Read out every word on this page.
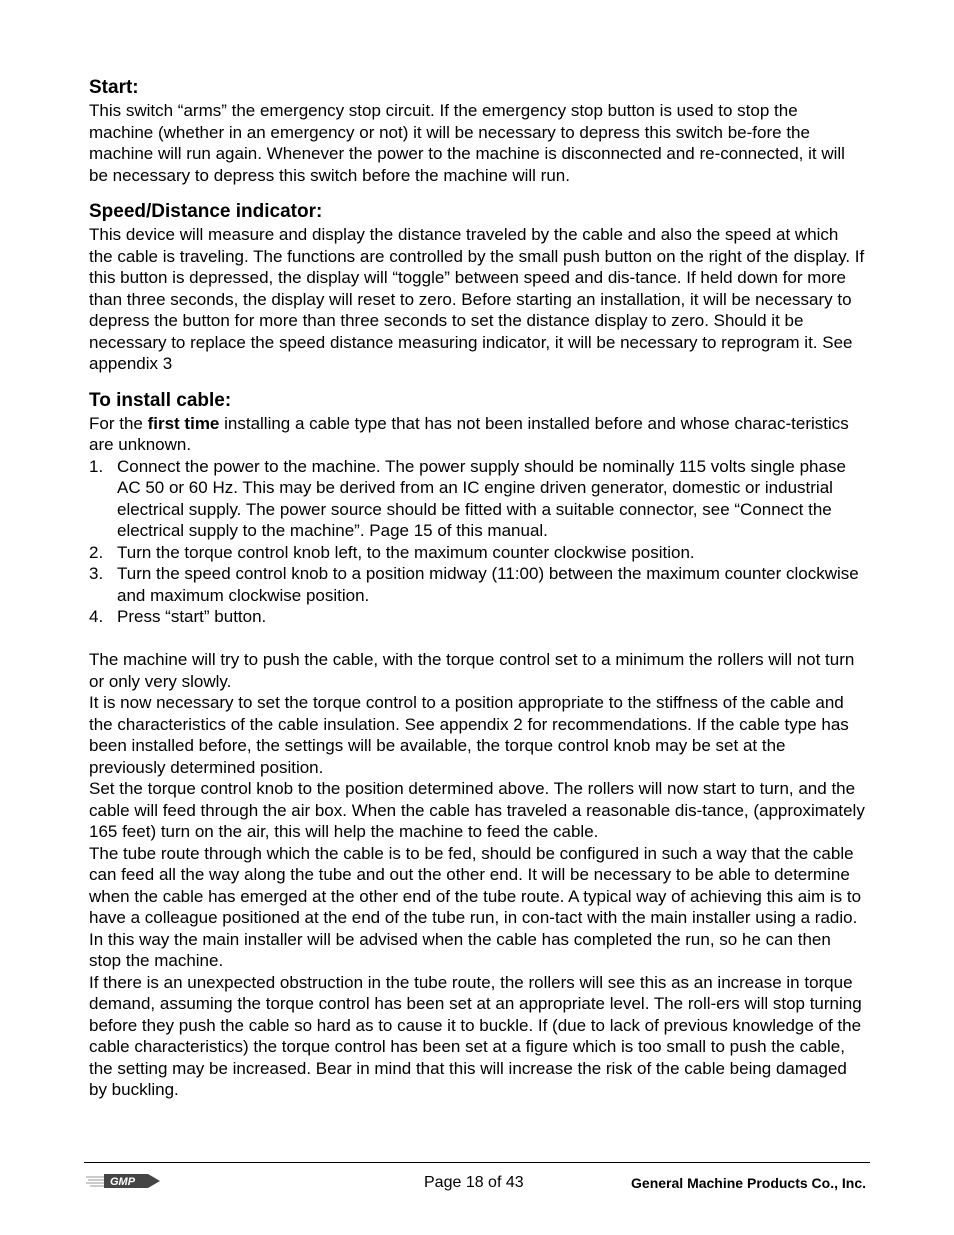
Start:

This switch “arms” the emergency stop circuit. If the emergency stop button is used to stop the machine (whether in an emergency or not) it will be necessary to depress this switch be-fore the machine will run again. Whenever the power to the machine is disconnected and re-connected, it will be necessary to depress this switch before the machine will run.

Speed/Distance indicator:

This device will measure and display the distance traveled by the cable and also the speed at which the cable is traveling. The functions are controlled by the small push button on the right of the display. If this button is depressed, the display will “toggle” between speed and dis-tance. If held down for more than three seconds, the display will reset to zero. Before starting an installation, it will be necessary to depress the button for more than three seconds to set the distance display to zero. Should it be necessary to replace the speed distance measuring indicator, it will be necessary to reprogram it. See appendix 3

To install cable:

For the first time installing a cable type that has not been installed before and whose charac-teristics are unknown.

1. Connect the power to the machine. The power supply should be nominally 115 volts single phase AC 50 or 60 Hz. This may be derived from an IC engine driven generator, domestic or industrial electrical supply. The power source should be fitted with a suitable connector, see “Connect the electrical supply to the machine”. Page 15 of this manual.
2. Turn the torque control knob left, to the maximum counter clockwise position.
3. Turn the speed control knob to a position midway (11:00) between the maximum counter clockwise and maximum clockwise position.
4. Press “start” button.

The machine will try to push the cable, with the torque control set to a minimum the rollers will not turn or only very slowly.

It is now necessary to set the torque control to a position appropriate to the stiffness of the cable and the characteristics of the cable insulation. See appendix 2 for recommendations. If the cable type has been installed before, the settings will be available, the torque control knob may be set at the previously determined position.

Set the torque control knob to the position determined above. The rollers will now start to turn, and the cable will feed through the air box. When the cable has traveled a reasonable dis-tance, (approximately 165 feet) turn on the air, this will help the machine to feed the cable.

The tube route through which the cable is to be fed, should be configured in such a way that the cable can feed all the way along the tube and out the other end. It will be necessary to be able to determine when the cable has emerged at the other end of the tube route. A typical way of achieving this aim is to have a colleague positioned at the end of the tube run, in con-tact with the main installer using a radio. In this way the main installer will be advised when the cable has completed the run, so he can then stop the machine.

If there is an unexpected obstruction in the tube route, the rollers will see this as an increase in torque demand, assuming the torque control has been set at an appropriate level. The roll-ers will stop turning before they push the cable so hard as to cause it to buckle. If (due to lack of previous knowledge of the cable characteristics) the torque control has been set at a figure which is too small to push the cable, the setting may be increased. Bear in mind that this will increase the risk of the cable being damaged by buckling.

GMP	Page 18 of 43	General Machine Products Co., Inc.
